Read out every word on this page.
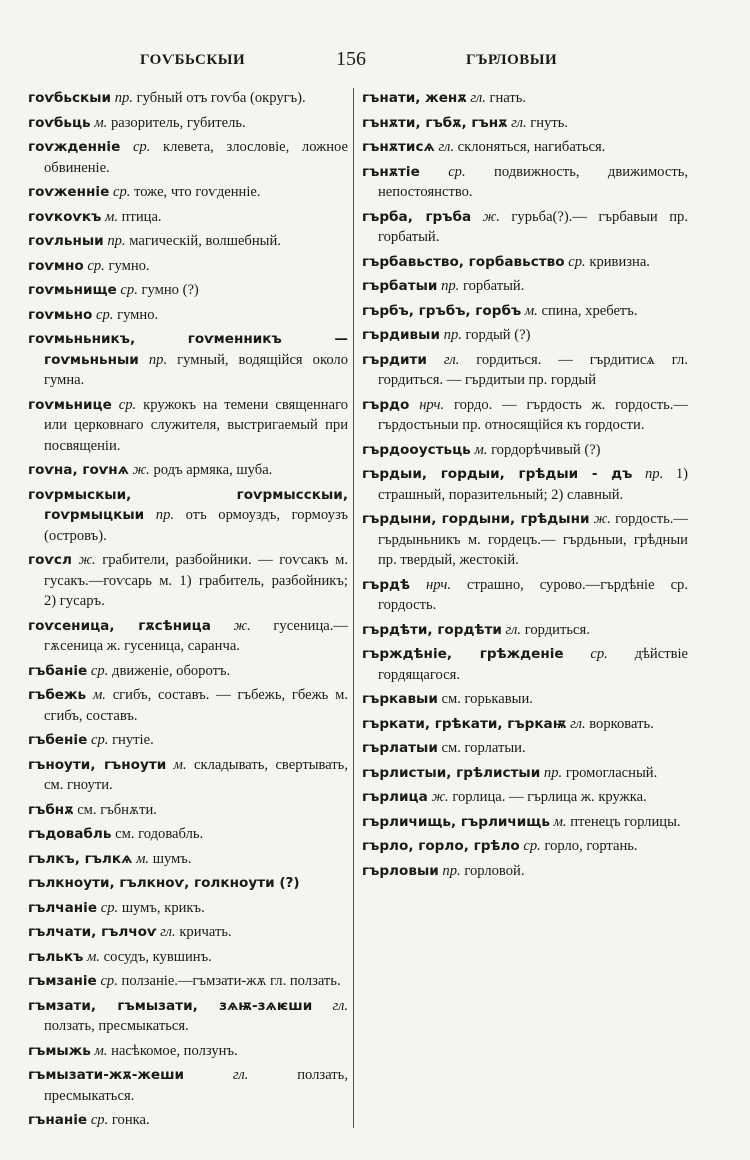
ГОѴБЬСКЫИ	156	ГЪРЛОВЫИ

гоѵбьскыи пр. губный отъ гоѵба (округъ).

гоѵбьць м. разоритель, губитель.

гоѵжденніе ср. клевета, злословіе, ложное обвиненіе.

гоѵженніе ср. тоже, что гоѵденніе.

гоѵкоѵкъ м. птица.

гоѵльныи пр. магическій, волшебный.

гоѵмно ср. гумно.

гоѵмьнище ср. гумно (?)

гоѵмьно ср. гумно.

гоѵмьньникъ, гоѵменникъ — гоѵмьньныи пр. гумный, водящійся около гумна.

гоѵмьнице ср. кружокъ на темени священнаго или церковнаго служителя, выстригаемый при посвященіи.

гоѵна, гоѵнѧ ж. родъ армяка, шуба.

гоѵрмыскыи, гоѵрмысскыи, гоѵрмыцкыи пр. отъ ормоуздъ, гормоузъ (островъ).

гоѵсл ж. грабители, разбойники. — гоѵсакъ м. гусакъ.—гоѵсарь м. 1) грабитель, разбойникъ; 2) гусаръ.

гоѵсеница, гѫсѣница ж. гусеница.— гѫсеница ж. гусеница, саранча.

гъбаніе ср. движеніе, оборотъ.

гъбежь м. сгибъ, составъ. — гъбежь, гбежь м. сгибъ, составъ.

гъбеніе ср. гнутіе.

гъноути, гъноути м. складывать, свертывать, см. гноути.

гъбнѫ см. гъбнѫти.

гъдовабль см. годовабль.

гълкъ, гълкѧ м. шумъ.

гълкноути, гълкноѵ, голкноути (?)

гълчаніе ср. шумъ, крикъ.

гълчати, гълчоѵ гл. кричать.

гълькъ м. сосудъ, кувшинъ.

гъмзаніе ср. ползаніе.—гъмзати-жѫ гл. ползать.

гъмзати, гъмызати, зѧѭ-зѧѥши гл. ползать, пресмыкаться.

гъмыжь м. насѣкомое, ползунъ.

гъмызати-жѫ-жеши	гл.	ползать, пресмыкаться.

гънаніе ср. гонка.

гънати, женѫ гл. гнать.

гънѫти, гъбѫ, гънѫ гл. гнуть.

гънѫтисѧ гл. склоняться, нагибаться.

гънѫтіе ср. подвижность, движимость, непостоянство.

гърба, гръба ж. гурьба(?).— гърбавыи пр. горбатый.

гърбавьство, горбавьство ср. кривизна.

гърбатыи пр. горбатый.

гърбъ, гръбъ, горбъ м. спина, хребетъ.

гърдивыи пр. гордый (?)

гърдити гл. гордиться. — гърдитисѧ гл. гордиться. — гърдитыи пр. гордый

гърдо нрч. гордо. — гърдость ж. гордость.—гърдостьныи пр. относящійся къ гордости.

гърдооустьць м. гордорѣчивый (?)

гърдыи, гордыи, грѣдыи - дъ пр. 1) страшный, поразительный; 2) славный.

гърдыни, гордыни, грѣдыни ж. гордость.—гърдыньникъ м. гордецъ.— гърдьныи, грѣдныи пр. твердый, жестокій.

гърдѣ нрч. страшно, сурово.—гърдѣніе ср. гордость.

гърдѣти, гордѣти гл. гордиться.

гърждѣніе, грѣжденіе ср. дѣйствіе гордящагося.

гъркавыи см. горькавыи.

гъркати, грѣкати, гъркаѭ гл. ворковать.

гърлатыи см. горлатыи.

гърлистыи, грѣлистыи пр. громогласный.

гърлица ж. горлица. — гърлица ж. кружка.

гърличищь, гърличищь м. птенецъ горлицы.

гърло, горло, грѣло ср. горло, гортань.

гърловыи пр. горловой.
